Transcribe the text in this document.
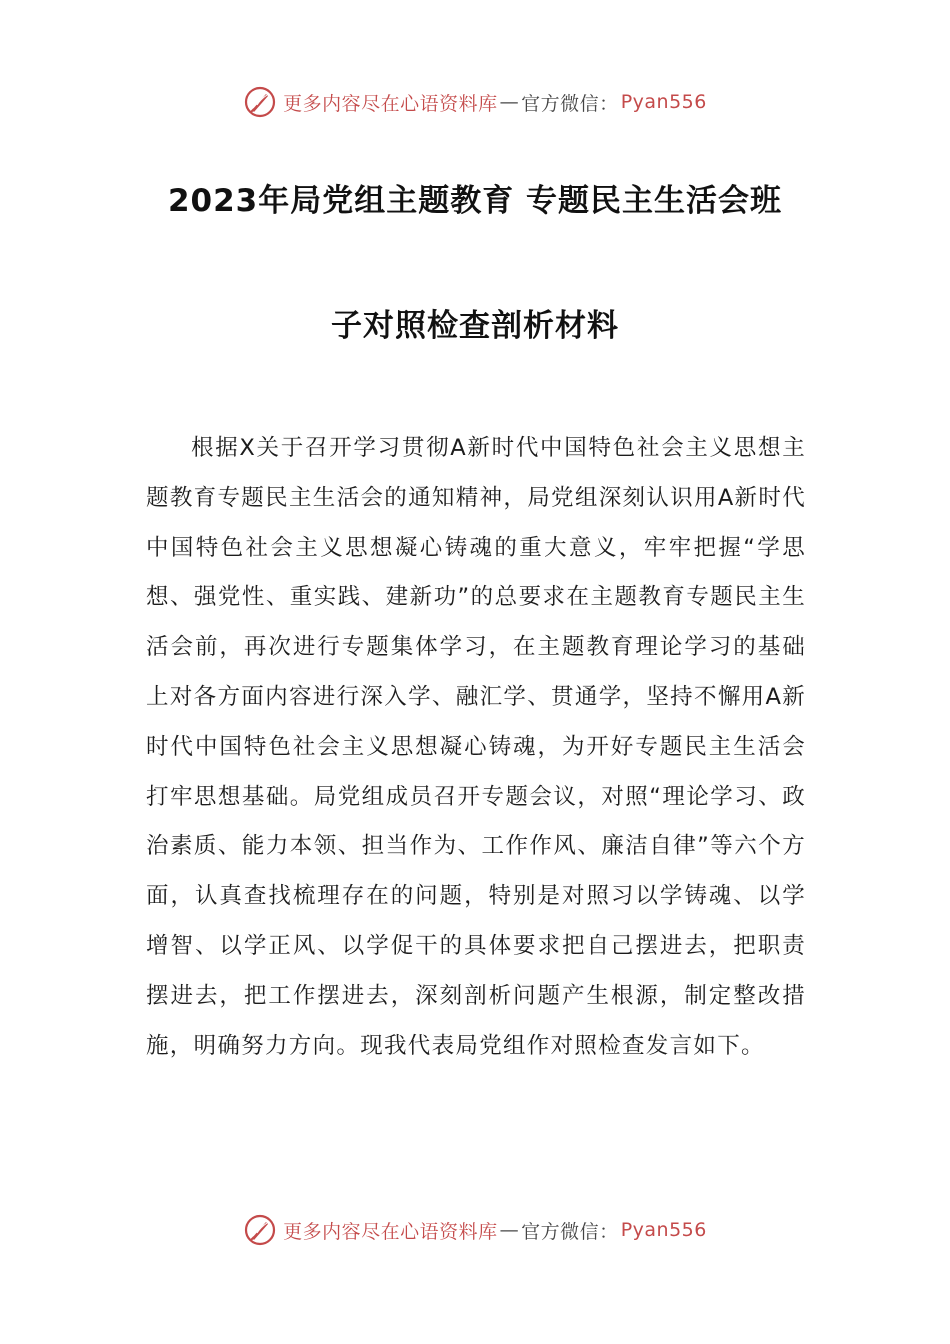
更多内容尽在心语资料库 — 官方微信： Pyan556
2023年局党组主题教育 专题民主生活会班
子对照检查剖析材料

根据X关于召开学习贯彻A新时代中国特色社会主义思想主题教育专题民主生活会的通知精神，局党组深刻认识用A新时代中国特色社会主义思想凝心铸魂的重大意义，牢牢把握“学思想、强党性、重实践、建新功”的总要求在主题教育专题民主生活会前，再次进行专题集体学习，在主题教育理论学习的基础上对各方面内容进行深入学、融汇学、贯通学，坚持不懈用A新时代中国特色社会主义思想凝心铸魂，为开好专题民主生活会打牢思想基础。局党组成员召开专题会议，对照“理论学习、政治素质、能力本领、担当作为、工作作风、廉洁自律”等六个方面，认真查找梳理存在的问题，特别是对照习以学铸魂、以学增智、以学正风、以学促干的具体要求把自己摆进去，把职责摆进去，把工作摆进去，深刻剖析问题产生根源，制定整改措施，明确努力方向。现我代表局党组作对照检查发言如下。

更多内容尽在心语资料库 — 官方微信： Pyan556
